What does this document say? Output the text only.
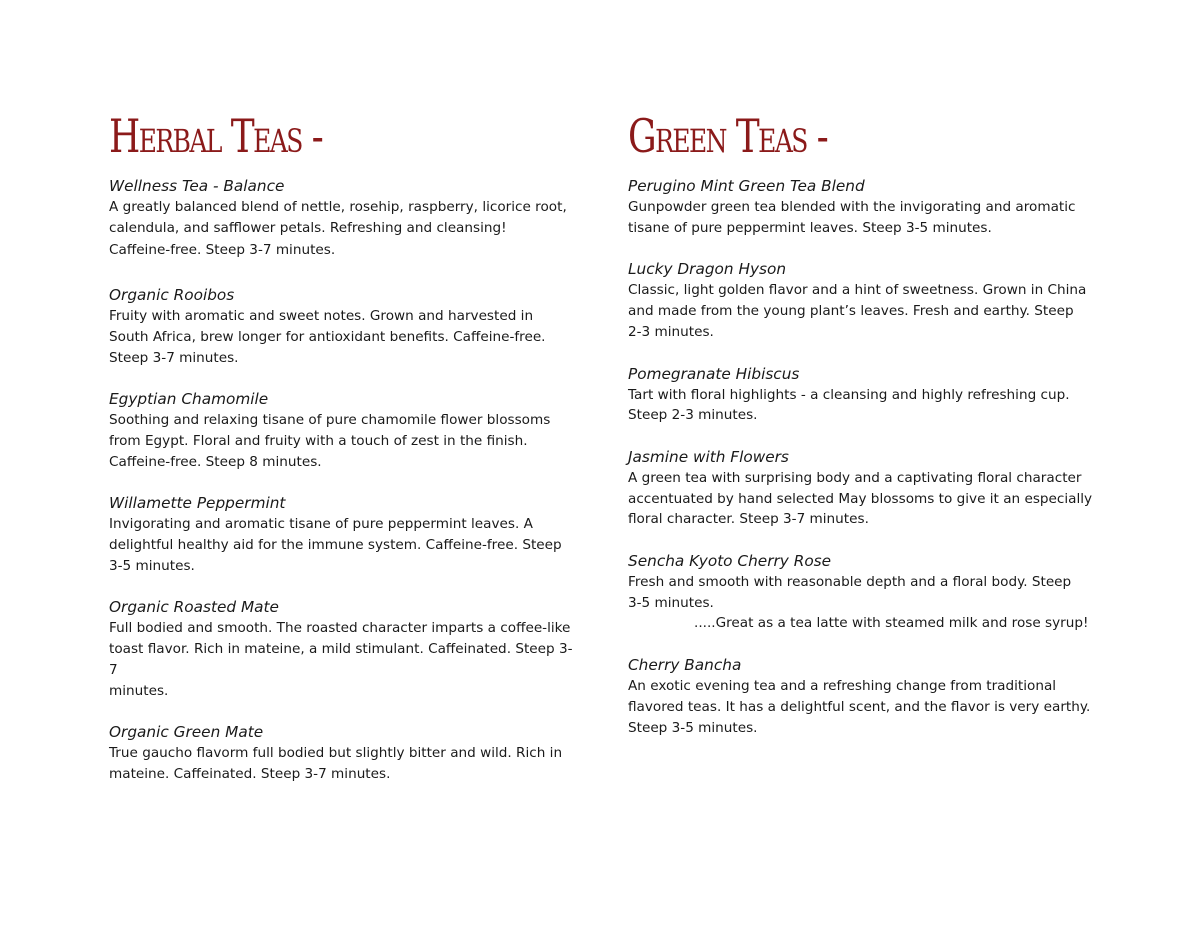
Herbal Teas -
Wellness Tea - Balance
A greatly balanced blend of nettle, rosehip, raspberry, licorice root,
calendula, and safflower petals. Refreshing and cleansing!
Caffeine-free. Steep 3-7 minutes.
Organic Rooibos
Fruity with aromatic and sweet notes. Grown and harvested in
South Africa, brew longer for antioxidant benefits. Caffeine-free.
Steep 3-7 minutes.
Egyptian Chamomile
Soothing and relaxing tisane of pure chamomile flower blossoms
from Egypt. Floral and fruity with a touch of zest in the finish.
Caffeine-free. Steep 8 minutes.
Willamette Peppermint
Invigorating and aromatic tisane of pure peppermint leaves. A
delightful healthy aid for the immune system. Caffeine-free. Steep
3-5 minutes.
Organic Roasted Mate
Full bodied and smooth. The roasted character imparts a coffee-like
toast flavor. Rich in mateine, a mild stimulant. Caffeinated. Steep 3-7
minutes.
Organic Green Mate
True gaucho flavorm full bodied but slightly bitter and wild. Rich in
mateine. Caffeinated. Steep 3-7 minutes.
Green Teas -
Perugino Mint Green Tea Blend
Gunpowder green tea blended with the invigorating and aromatic
tisane of pure peppermint leaves. Steep 3-5 minutes.
Lucky Dragon Hyson
Classic, light golden flavor and a hint of sweetness. Grown in China
and made from the young plant’s leaves. Fresh and earthy. Steep
2-3 minutes.
Pomegranate Hibiscus
Tart with floral highlights - a cleansing and highly refreshing cup.
Steep 2-3 minutes.
Jasmine with Flowers
A green tea with surprising body and a captivating floral character
accentuated by hand selected May blossoms to give it an especially
floral character. Steep 3-7 minutes.
Sencha Kyoto Cherry Rose
Fresh and smooth with reasonable depth and a floral body. Steep
3-5 minutes.
.....Great as a tea latte with steamed milk and rose syrup!
Cherry Bancha
An exotic evening tea and a refreshing change from traditional
flavored teas. It has a delightful scent, and the flavor is very earthy.
Steep 3-5 minutes.
